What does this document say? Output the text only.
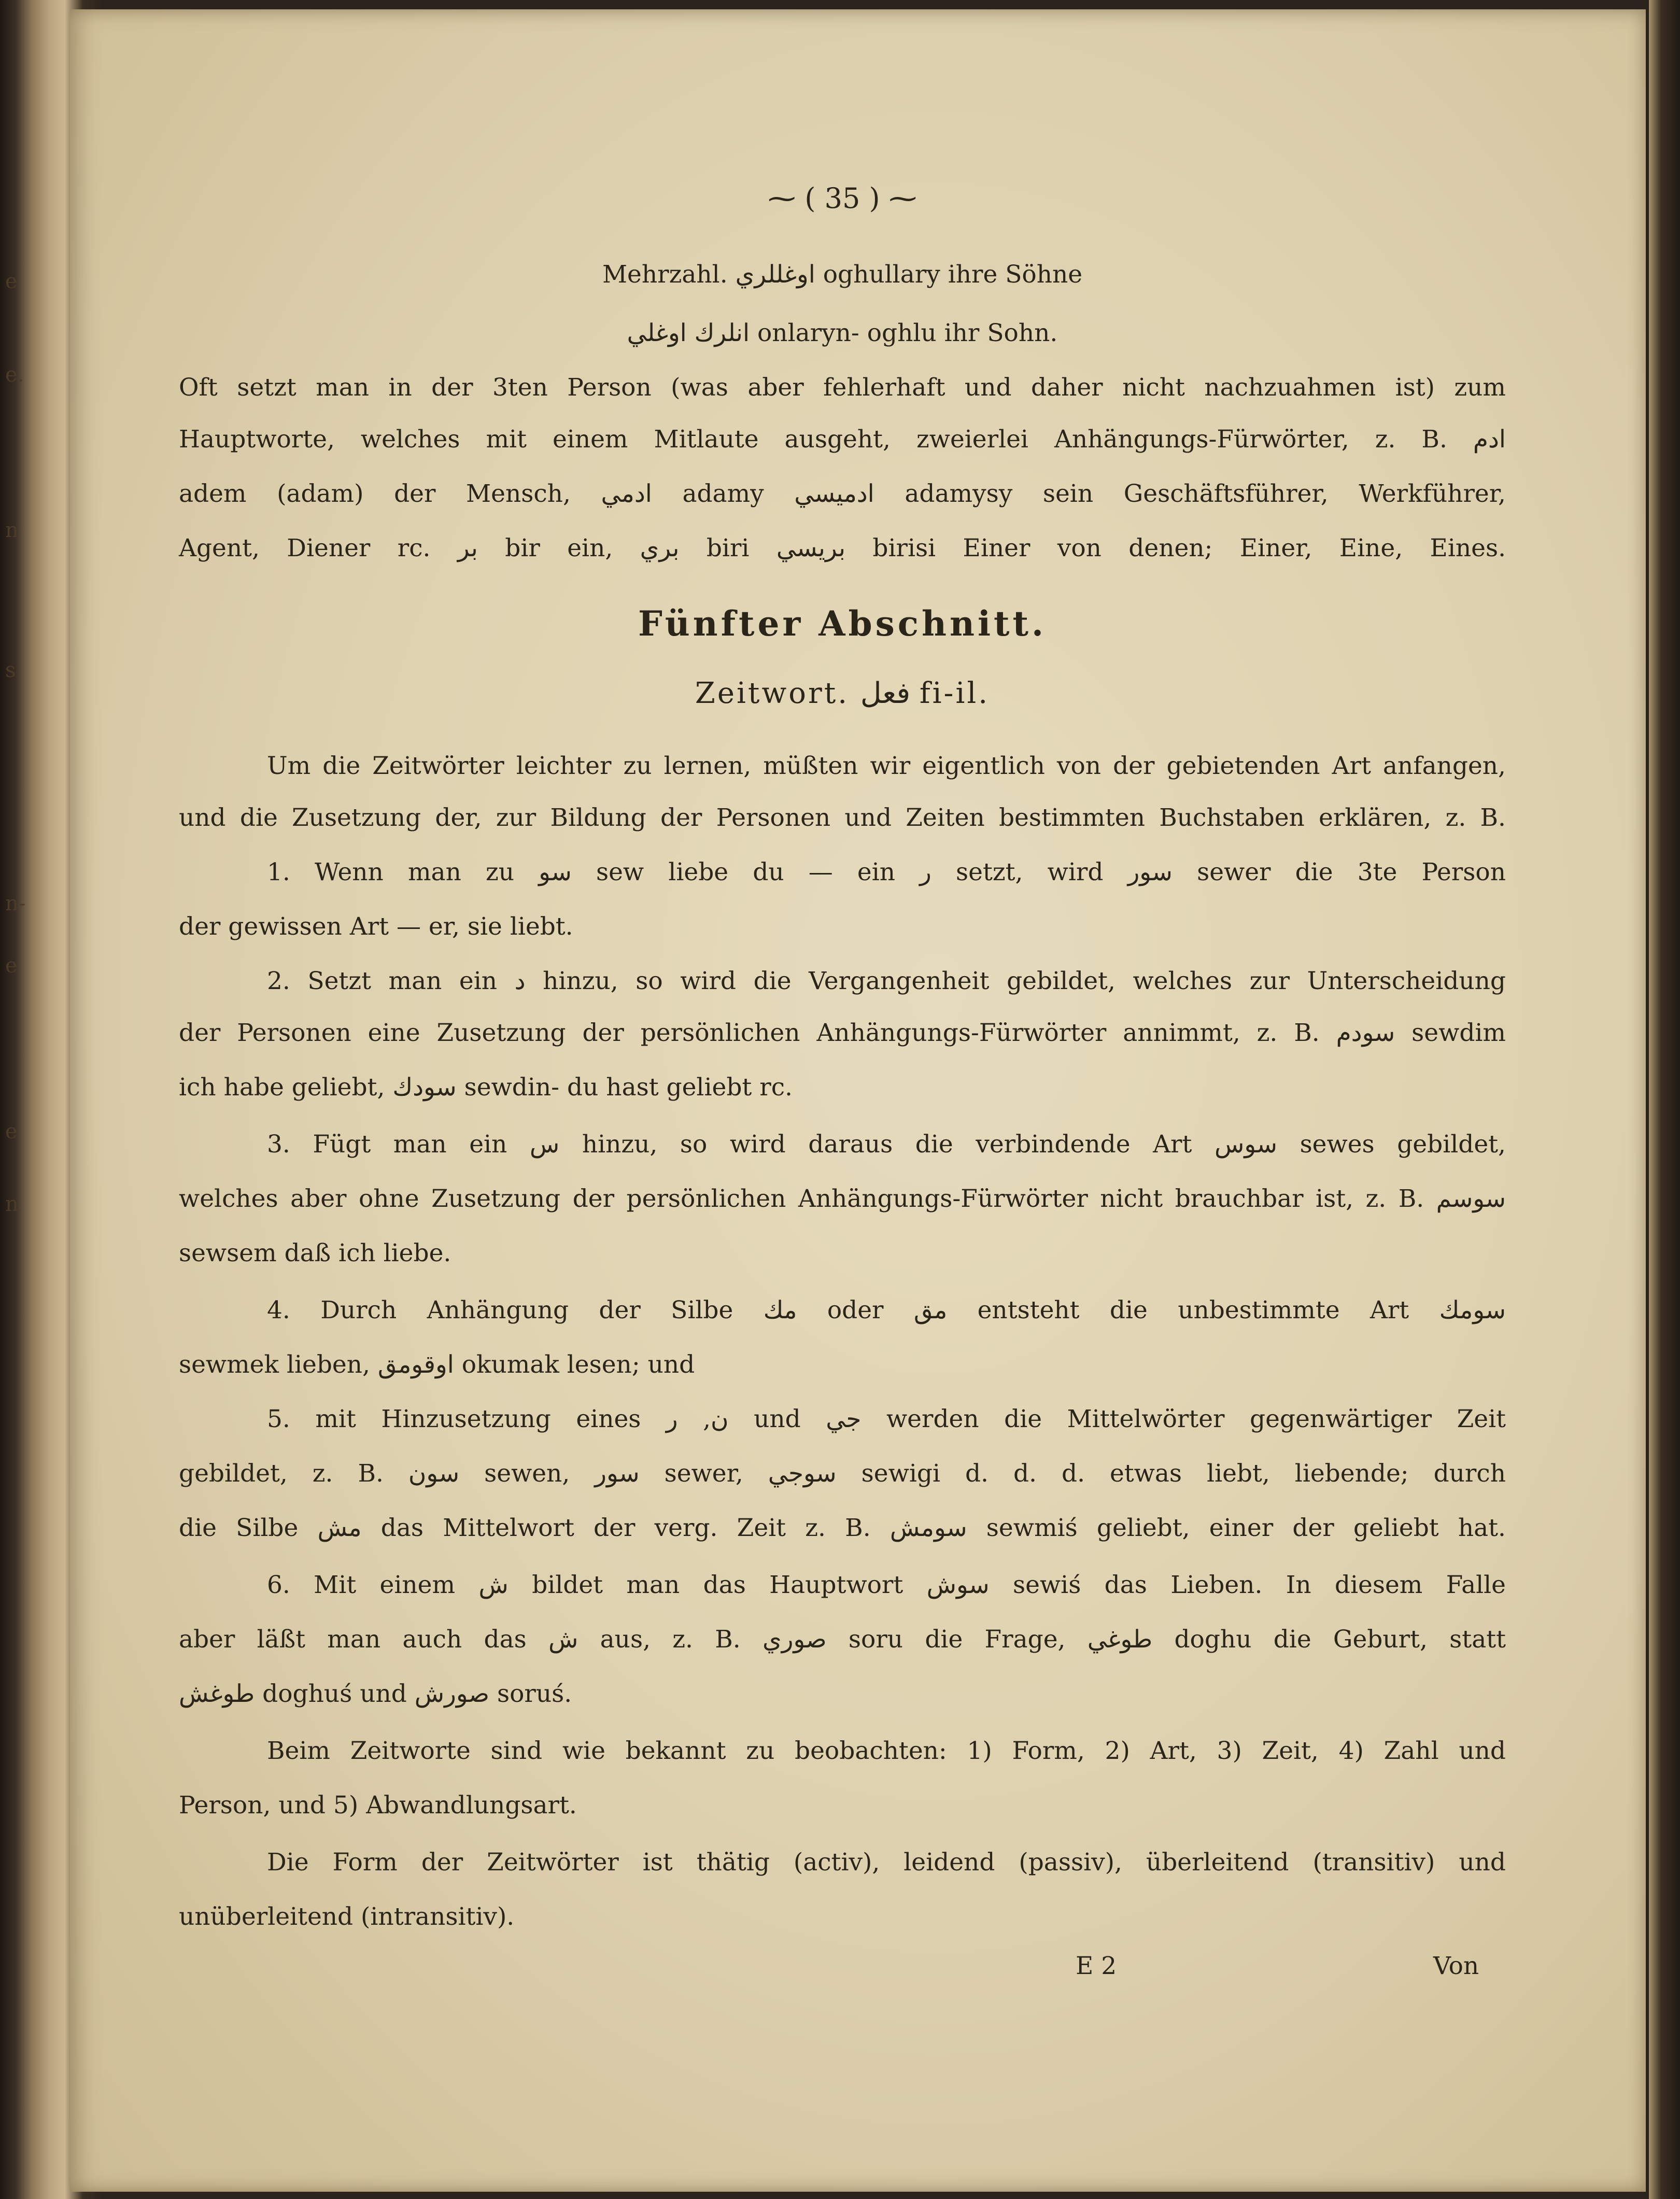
e
e.
n
s
n-
e
e
n
⁓ ( 35 ) ⁓
Mehrzahl. اوغللري oghullary ihre Söhne
انلرك اوغلي onlaryn- oghlu ihr Sohn.
Oft setzt man in der 3ten Person (was aber fehlerhaft und daher nicht nachzuahmen ist) zum
Hauptworte, welches mit einem Mitlaute ausgeht, zweierlei Anhängungs-Fürwörter, z. B. ادم
adem (adam) der Mensch, ادمي adamy ادميسي adamysy sein Geschäftsführer, Werkführer,
Agent, Diener rc. بر bir ein, بري biri بريسي birisi Einer von denen; Einer, Eine, Eines.
Fünfter Abschnitt.
Zeitwort. فعل fi-il.
Um die Zeitwörter leichter zu lernen, müßten wir eigentlich von der gebietenden Art anfangen,
und die Zusetzung der, zur Bildung der Personen und Zeiten bestimmten Buchstaben erklären, z. B.
1. Wenn man zu سو sew liebe du — ein ر setzt, wird سور sewer die 3te Person
der gewissen Art — er, sie liebt.
2. Setzt man ein د hinzu, so wird die Vergangenheit gebildet, welches zur Unterscheidung
der Personen eine Zusetzung der persönlichen Anhängungs-Fürwörter annimmt, z. B. سودم sewdim
ich habe geliebt, سودك sewdin- du hast geliebt rc.
3. Fügt man ein س hinzu, so wird daraus die verbindende Art سوس sewes gebildet,
welches aber ohne Zusetzung der persönlichen Anhängungs-Fürwörter nicht brauchbar ist, z. B. سوسم
sewsem daß ich liebe.
4. Durch Anhängung der Silbe مك oder مق entsteht die unbestimmte Art سومك
sewmek lieben, اوقومق okumak lesen; und
5. mit Hinzusetzung eines ن, ر und جي werden die Mittelwörter gegenwärtiger Zeit
gebildet, z. B. سون sewen, سور sewer, سوجي sewigi d. d. d. etwas liebt, liebende; durch
die Silbe مش das Mittelwort der verg. Zeit z. B. سومش sewmiś geliebt, einer der geliebt hat.
6. Mit einem ش bildet man das Hauptwort سوش sewiś das Lieben. In diesem Falle
aber läßt man auch das ش aus, z. B. صوري soru die Frage, طوغي doghu die Geburt, statt
طوغش doghuś und صورش soruś.
Beim Zeitworte sind wie bekannt zu beobachten: 1) Form, 2) Art, 3) Zeit, 4) Zahl und
Person, und 5) Abwandlungsart.
Die Form der Zeitwörter ist thätig (activ), leidend (passiv), überleitend (transitiv) und
unüberleitend (intransitiv).
E 2	Von
